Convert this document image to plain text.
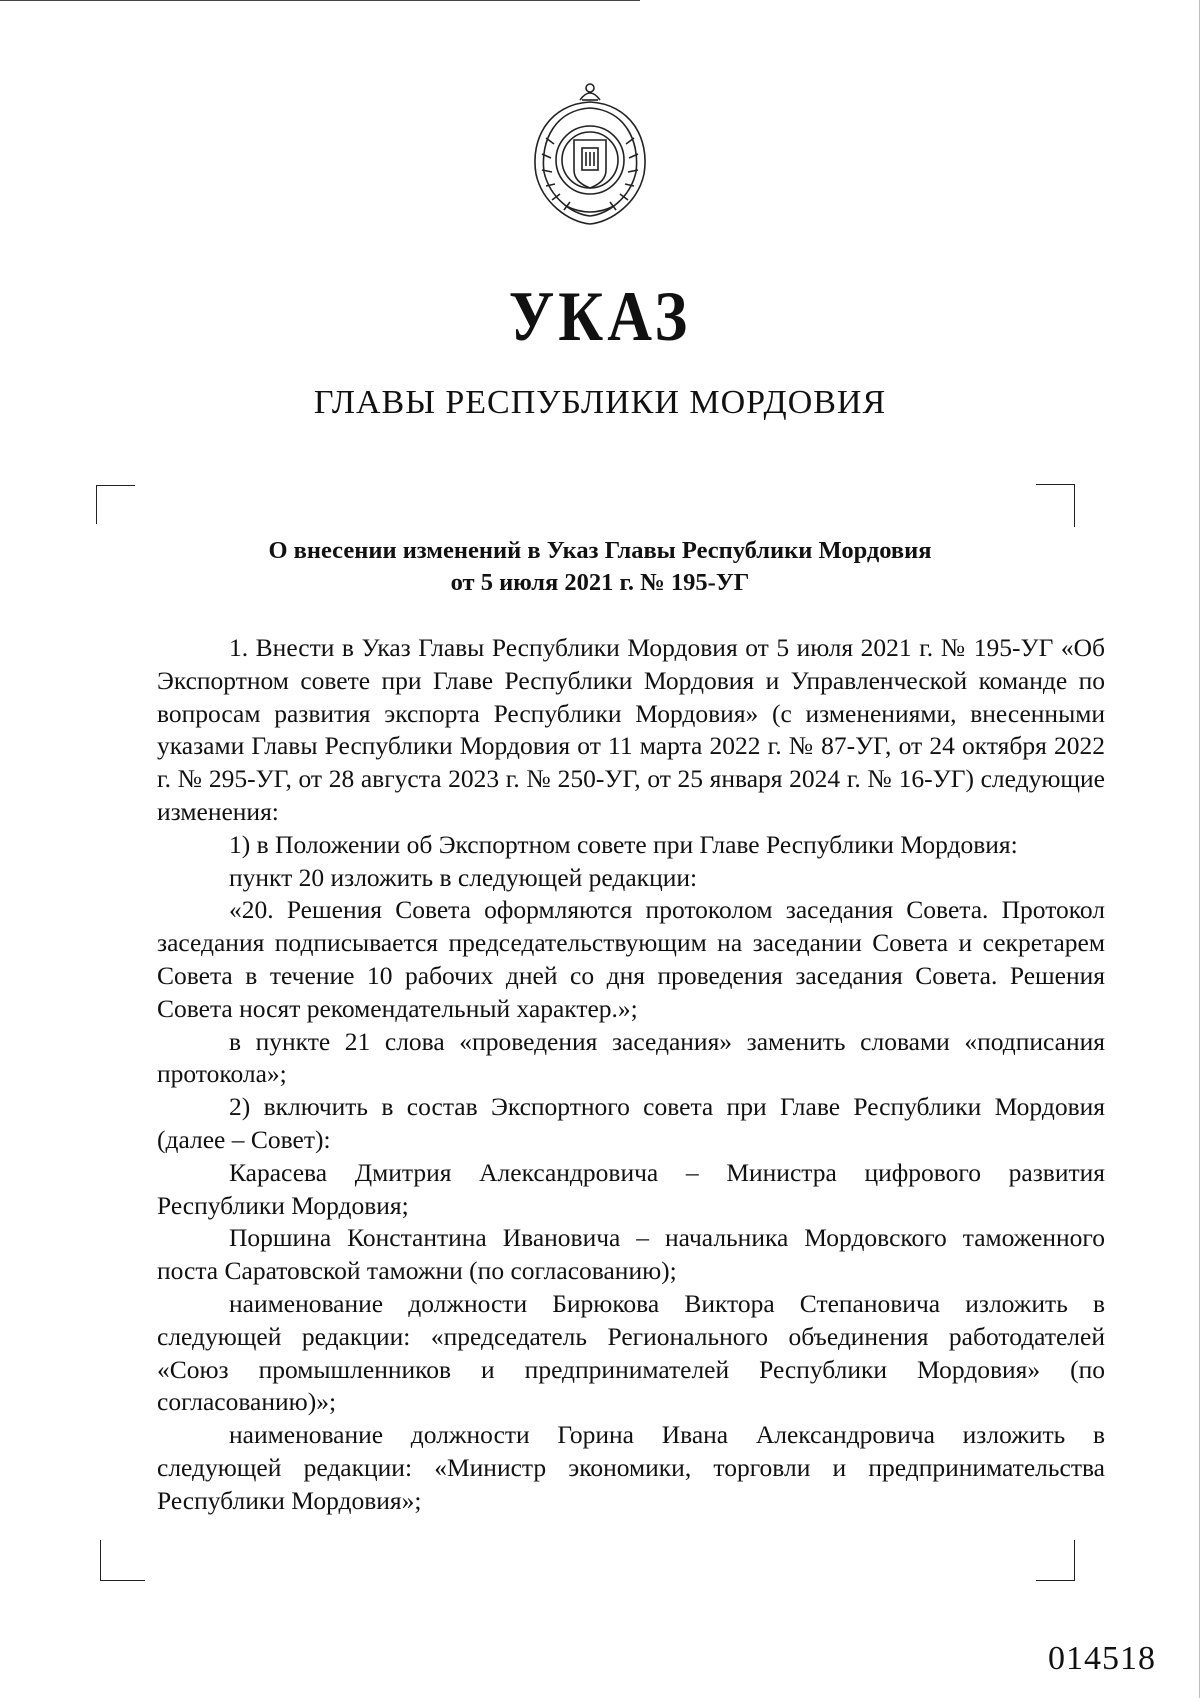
УКАЗ
ГЛАВЫ РЕСПУБЛИКИ МОРДОВИЯ
О внесении изменений в Указ Главы Республики Мордовия
от 5 июля 2021 г. № 195-УГ

1. Внести в Указ Главы Республики Мордовия от 5 июля 2021 г. № 195-УГ «Об Экспортном совете при Главе Республики Мордовия и Управленческой команде по вопросам развития экспорта Республики Мордовия» (с изменениями, внесенными указами Главы Республики Мордовия от 11 марта 2022 г. № 87-УГ, от 24 октября 2022 г. № 295-УГ, от 28 августа 2023 г. № 250-УГ, от 25 января 2024 г. № 16-УГ) следующие изменения:

1) в Положении об Экспортном совете при Главе Республики Мордовия:

пункт 20 изложить в следующей редакции:

«20. Решения Совета оформляются протоколом заседания Совета. Протокол заседания подписывается председательствующим на заседании Совета и секретарем Совета в течение 10 рабочих дней со дня проведения заседания Совета. Решения Совета носят рекомендательный характер.»;

в пункте 21 слова «проведения заседания» заменить словами «подписания протокола»;

2) включить в состав Экспортного совета при Главе Республики Мордовия (далее – Совет):

Карасева Дмитрия Александровича – Министра цифрового развития Республики Мордовия;

Поршина Константина Ивановича – начальника Мордовского таможенного поста Саратовской таможни (по согласованию);

наименование должности Бирюкова Виктора Степановича изложить в следующей редакции: «председатель Регионального объединения работодателей «Союз промышленников и предпринимателей Республики Мордовия» (по согласованию)»;

наименование должности Горина Ивана Александровича изложить в следующей редакции: «Министр экономики, торговли и предпринимательства Республики Мордовия»;

014518
